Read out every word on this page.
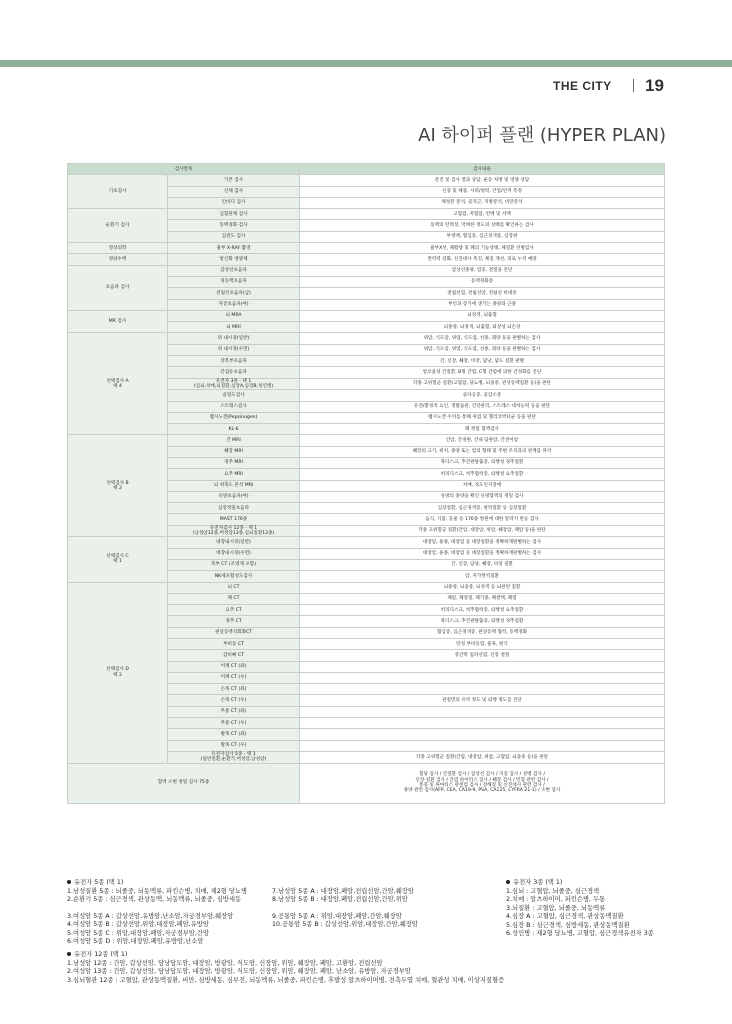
THE CITY 19
AI 하이퍼 플랜 (HYPER PLAN)
검사항목		검사내용
기초검사	기본 검사	문진 및 검사 결과 상담, 운동 처방 및 영양 상담
	신체 검사	신장 및 체중, 시력/청력, 안압/안저 측정
	인바디 검사	체성분 분석, 골격근, 지방분석, 비만분석
순환기 검사	심혈관계 검사	고혈압, 저혈압, 빈맥 및 서맥
	동맥경화 검사	동맥의 탄력성, 막혀한 정도의 상태를 확인하는 검사
	심전도 검사	부정맥, 협심증, 심근경색증, 심장판
영상의학	흉부 X-RAY 촬영	흉부X선, 폐활량 및 폐의 기능상태, 폐질환 선별검사
영양수액	항산화 영양제	면역력 강화, 신진대사 촉진, 체질 개선, 피로 누적 예방
초음파 검사	갑상선초음파	갑상선종양, 염증, 결절을 진단
	경동맥초음파	동맥경화증
	전립선초음파(남)	전립선염, 전립선암, 전립선 비대증
	자궁초음파(여)	부인과 장기에 생기는 종양과 근종
MR 검사	뇌 MRA	뇌경색, 뇌출혈
	뇌 MRI	뇌종양, 뇌경색, 뇌출혈, 퇴상성 뇌손상
선택검사 A
택 4	위 내시경(일반)	위암, 식도암, 위염, 식도염, 선종, 궤양 등을 판별하는 검사
	위 내시경(수면)	위암, 식도암, 위염, 식도염, 선종, 궤양 등을 판별하는 검사
	상복부초음파	간, 신장, 췌장, 비장, 담낭, 담도 질환 판별
	간섬유초음파	알코올성 간질환, B형 간염, C형 간염에 의한 간경화를 진단
	유전자 3종 - 택 1
(심뇌,치매,뇌질환,심장A,심장B,성인병)	각종 고위험군 질환(고혈압, 당뇨병, 뇌졸중, 관상동맥질환 등)을 판단
	골밀도검사	골다공증, 골감소증
	스트레스검사	유전/환경적 요인, 생활습관, 건강관리, 스트레스 대처능력 등을 판단
	펩시노겐(Pepsinogen)	펩시노겐 수치를 통해 위염 및 헬리코박터균 등을 판단
	KL-6	폐 정밀 혈액검사
선택검사 B
택 2	간 MRI	간암, 간경변, 간내 담관암, 간전이암
	췌장 MRI	췌장의 크기, 위치, 종양 또는 염의 형태 및 주변 조직과의 관계를 파악
	경추 MRI	목디스크, 추간판탈출증, 퇴행성 경추질환
	요추 MRI	허리디스크, 척추협착증, 퇴행성 요추질환
	뇌 위축도 분석 MRI	치매, 경도인지장애
	유방초음파(여)	유방의 종양을 확인 유방혈액의 정밀 검사
	심장정밀초음파	심장질환, 심근경색증, 판막질환 등 심장질환
	MAST 176종	음식, 식품, 동물 등 176종 항원에 대한 알러지 반응 검사
	유전자검사 12종 - 택 1
(남성암12종,여성암13종,심뇌질환12종)	각종 고위험군 질환(간암, 대장암, 위암, 췌장암, 폐암 등)을 판단
선택검사 C
택 1	대장내시경(일반)	대장암, 용종, 대장염 등 대장질환을 정확하게판별하는 검사
	대장내시경(수면)	대장암, 용종, 대장염 등 대장질환을 정확하게판별하는 검사
	복부 CT (조영제 포함)	간, 신장, 담낭, 췌장, 비장 질환
	NK세포활성도검사	암, 자가면역질환
선택검사 D
택 2	뇌 CT	뇌종양, 뇌졸중, 뇌경색 등 뇌관련 질환
	폐 CT	폐암, 폐결절, 폐기종, 폐결핵, 폐렴
	요추 CT	허리디스크, 척추협착증, 퇴행성 요추질환
	경추 CT	목디스크, 추간판탈출증, 퇴행성 경추질환
	관상동맥석회화CT	협심증, 심근경색증, 관상동맥 협착, 동맥경화
	부비동 CT	만성 부비동염, 물혹, 편식
	갑비빠 CT	장간막 임파선염, 신장 결절
	어깨 CT (좌)	
	어깨 CT (우)	
	손목 CT (좌)	
	손목 CT (우)	관절면의 유착 정도 및 퇴행 정도를 진단
	무릎 CT (좌)	
	무릎 CT (우)	
	발목 CT (좌)	
	발목 CT (우)	
	유전자검사 5종 - 택 1
(일반질환,순환기,여성암,남성암)	각종 고위험군 질환(간암, 대장암, 위암, 고혈압, 뇌졸중 등)을 판단
혈액 소변 정밀 검사 75종		혈당 검사 / 간질환 검사 / 갑상선 검사 / 지질 검사 / 성병 검사 /
신장·질환 검사 / 간염 바이러스 검사 / 췌장 검사 / 빈혈 관련 검사 /
통풍 및 류마티스 관절염 검사 / 전해질 및 신진대사 관련 검사 /
종양 관련 검사(AFP, CEA, CA19-9, PSA, CA125, CYFRA 21-1) / 소변 검사
유전자 5종 (택 1)
1.남성질환 5종 : 뇌졸중, 뇌동맥류, 파킨슨병, 치매, 제2형 당뇨병
2.순환기 5종 : 심근경색, 관상동맥, 뇌동맥류, 뇌졸중, 심방세동
3.여성암 5종 A : 갑상선암,유방암,난소암,자궁경부암,췌장암
4.여성암 5종 B : 갑상선암,위암,대장암,폐암,유방암
5.여성암 5종 C : 위암,대장암,폐암,자궁경부암,간암
6.여성암 5종 D : 위암,대장암,폐암,유방암,난소암
7.남성암 5종 A : 대장암,폐암,전립선암,간암,췌장암
8.남성암 5종 B : 대장암,폐암,전립선암,간암,위암
9.공통암 5종 A : 위암,대장암,폐암,간암,췌장암
10.공통암 5종 B : 갑상선암,위암,대장암,간암,췌장암
유전자 3종 (택 1)
1.심뇌 : 고혈압, 뇌졸중, 심근경색
2.치매 : 알츠하이머, 파킨슨병, 두통
3.뇌질환 : 고혈압, 뇌졸중, 뇌동맥류
4.심장 A : 고혈압, 심근경색, 관상동맥질환
5.심장 B : 심근경색, 심방세동, 관상동맥질환
6.성인병 : 제2형 당뇨병, 고혈압, 심근경색유전자 3종
유전자 12종 (택 1)
1.남성암 12종 : 간암, 갑상선암, 담낭담도암, 대장암, 방광암, 식도암, 신장암, 위암, 췌장암, 폐암, 고환암, 전립선암
2.여성암 13종 : 간암, 갑상선암, 담낭담도암, 대장암, 방광암, 식도암, 신장암, 위암, 췌장암, 폐암, 난소암, 유방암, 자궁경부암
3.심뇌혈관 12종 : 고혈압, 관상동맥질환, 비만, 심방세동, 심부전, 뇌동맥류, 뇌졸중, 파킨슨병, 후발성 알츠하이머병, 전측두엽 치매, 혈관성 치매, 이상지질혈증
